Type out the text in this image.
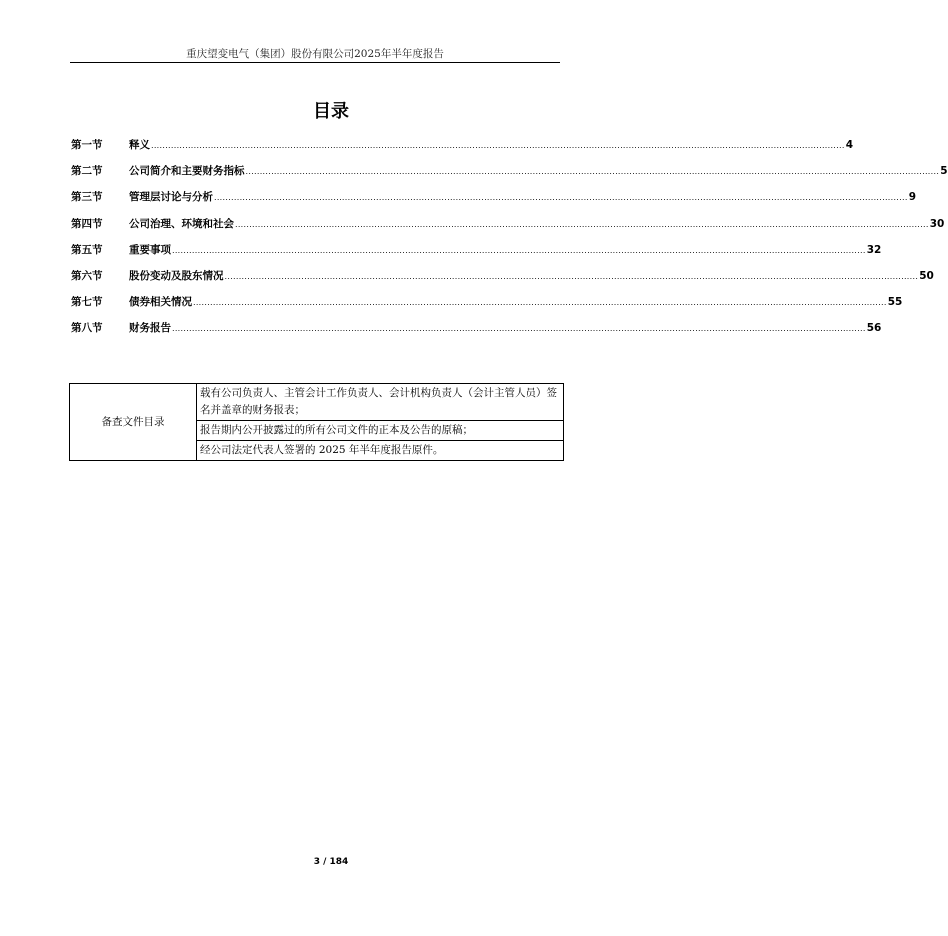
重庆望变电气（集团）股份有限公司2025年半年度报告
目录
第一节	释义 .................................................................................................................................................................................................................................................... 4
第二节	公司简介和主要财务指标 .................................................................................................................................................................................................................................................... 5
第三节	管理层讨论与分析 .................................................................................................................................................................................................................................................... 9
第四节	公司治理、环境和社会 .................................................................................................................................................................................................................................................... 30
第五节	重要事项 .................................................................................................................................................................................................................................................... 32
第六节	股份变动及股东情况 .................................................................................................................................................................................................................................................... 50
第七节	债券相关情况 .................................................................................................................................................................................................................................................... 55
第八节	财务报告 .................................................................................................................................................................................................................................................... 56
备查文件目录	载有公司负责人、主管会计工作负责人、会计机构负责人（会计主管人员）签名并盖章的财务报表；
报告期内公开披露过的所有公司文件的正本及公告的原稿；
经公司法定代表人签署的 2025 年半年度报告原件。
3 / 184
